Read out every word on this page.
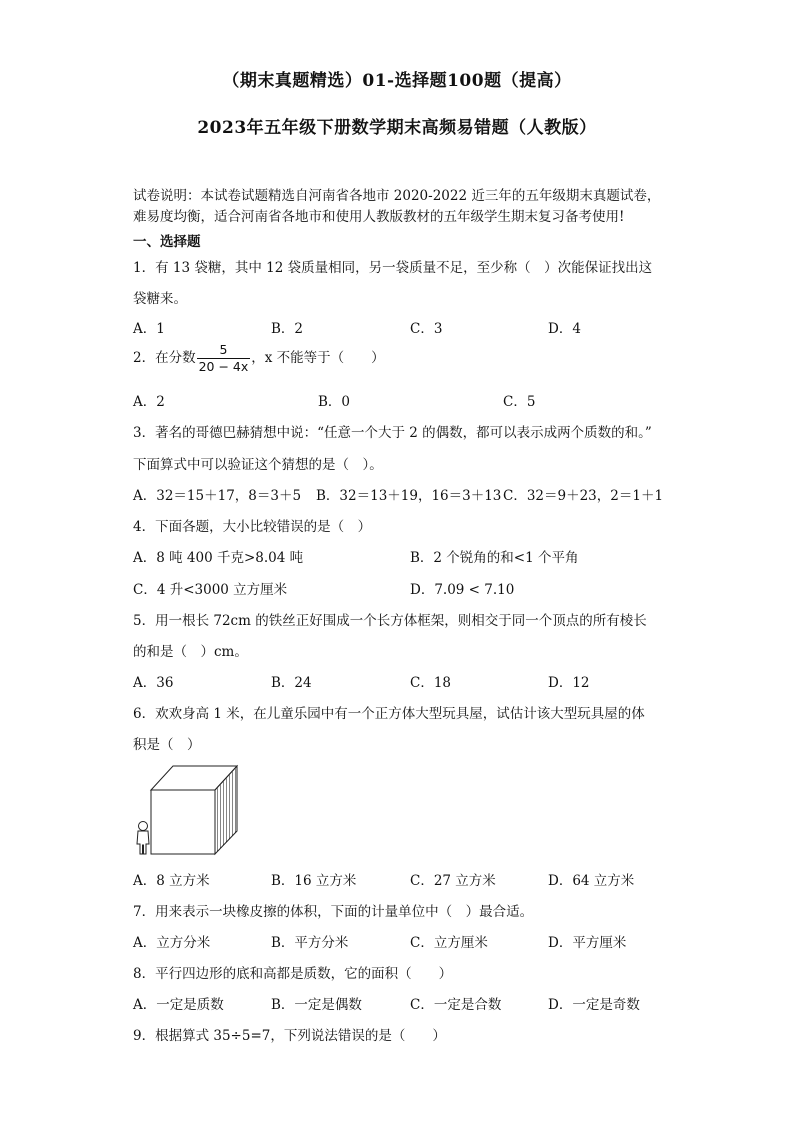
（期末真题精选）01-选择题100题（提高）
2023年五年级下册数学期末高频易错题（人教版）
试卷说明：本试卷试题精选自河南省各地市 2020-2022 近三年的五年级期末真题试卷，难易度均衡，适合河南省各地市和使用人教版教材的五年级学生期末复习备考使用!
一、选择题
1．有 13 袋糖，其中 12 袋质量相同，另一袋质量不足，至少称（　）次能保证找出这
袋糖来。
A．1	B．2	C．3	D．4
2．在分数 $\frac{5}{20 - 4x}$ ，x 不能等于（　　）
A．2	B．0	C．5
3．著名的哥德巴赫猜想中说：“任意一个大于 2 的偶数，都可以表示成两个质数的和。”
下面算式中可以验证这个猜想的是（　）。
A．32＝15＋17，8＝3＋5 B．32＝13＋19，16＝3＋13 C．32＝9＋23，2＝1＋1
4．下面各题，大小比较错误的是（　）
A．8 吨 400 千克>8.04 吨	B．2 个锐角的和<1 个平角
C．4 升<3000 立方厘米	D．7.09 < 7.10
5．用一根长 72cm 的铁丝正好围成一个长方体框架，则相交于同一个顶点的所有棱长
的和是（　）cm。
A．36	B．24	C．18	D．12
6．欢欢身高 1 米，在儿童乐园中有一个正方体大型玩具屋，试估计该大型玩具屋的体
积是（　）
A．8 立方米	B．16 立方米	C．27 立方米	D．64 立方米
7．用来表示一块橡皮擦的体积，下面的计量单位中（　）最合适。
A．立方分米	B．平方分米	C．立方厘米	D．平方厘米
8．平行四边形的底和高都是质数，它的面积（　　）
A．一定是质数	B．一定是偶数	C．一定是合数	D．一定是奇数
9．根据算式 35÷5=7，下列说法错误的是（　　）
